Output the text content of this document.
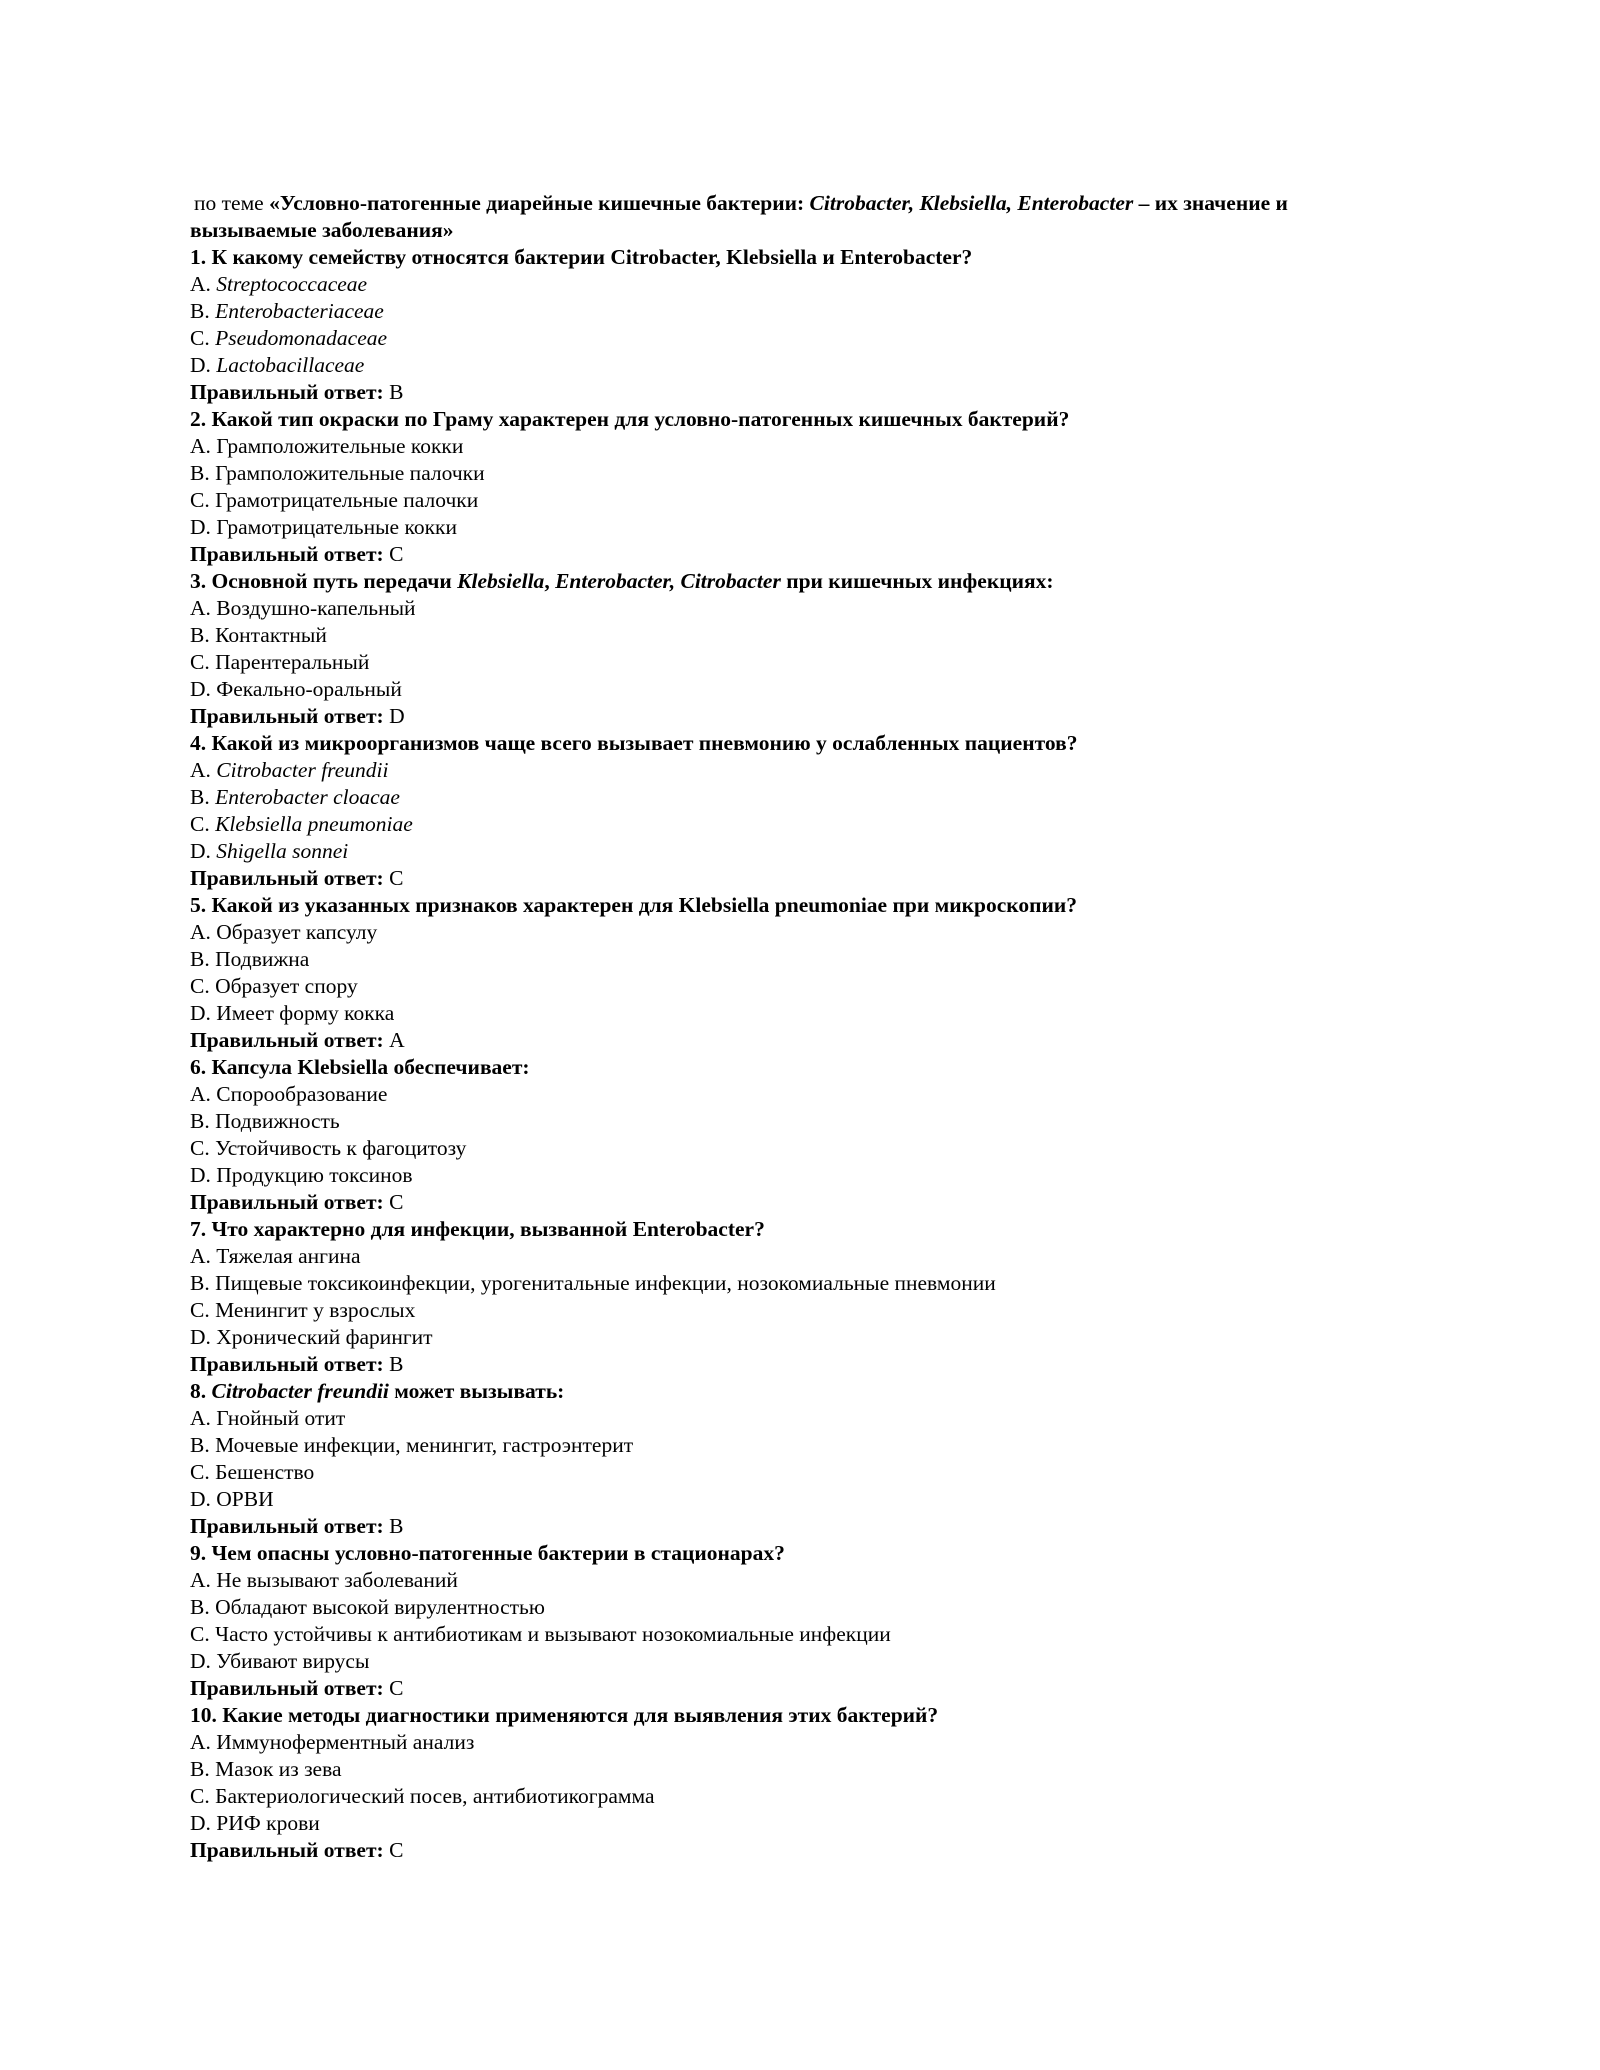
по теме «Условно-патогенные диарейные кишечные бактерии: Citrobacter, Klebsiella, Enterobacter – их значение и
вызываемые заболевания»
1. К какому семейству относятся бактерии Citrobacter, Klebsiella и Enterobacter?
A. Streptococcaceae
B. Enterobacteriaceae
C. Pseudomonadaceae
D. Lactobacillaceae
Правильный ответ: B
2. Какой тип окраски по Граму характерен для условно-патогенных кишечных бактерий?
A. Грамположительные кокки
B. Грамположительные палочки
C. Грамотрицательные палочки
D. Грамотрицательные кокки
Правильный ответ: C
3. Основной путь передачи Klebsiella, Enterobacter, Citrobacter при кишечных инфекциях:
A. Воздушно-капельный
B. Контактный
C. Парентеральный
D. Фекально-оральный
Правильный ответ: D
4. Какой из микроорганизмов чаще всего вызывает пневмонию у ослабленных пациентов?
A. Citrobacter freundii
B. Enterobacter cloacae
C. Klebsiella pneumoniae
D. Shigella sonnei
Правильный ответ: C
5. Какой из указанных признаков характерен для Klebsiella pneumoniae при микроскопии?
A. Образует капсулу
B. Подвижна
C. Образует спору
D. Имеет форму кокка
Правильный ответ: A
6. Капсула Klebsiella обеспечивает:
A. Спорообразование
B. Подвижность
C. Устойчивость к фагоцитозу
D. Продукцию токсинов
Правильный ответ: C
7. Что характерно для инфекции, вызванной Enterobacter?
A. Тяжелая ангина
B. Пищевые токсикоинфекции, урогенитальные инфекции, нозокомиальные пневмонии
C. Менингит у взрослых
D. Хронический фарингит
Правильный ответ: B
8. Citrobacter freundii может вызывать:
A. Гнойный отит
B. Мочевые инфекции, менингит, гастроэнтерит
C. Бешенство
D. ОРВИ
Правильный ответ: B
9. Чем опасны условно-патогенные бактерии в стационарах?
A. Не вызывают заболеваний
B. Обладают высокой вирулентностью
C. Часто устойчивы к антибиотикам и вызывают нозокомиальные инфекции
D. Убивают вирусы
Правильный ответ: C
10. Какие методы диагностики применяются для выявления этих бактерий?
A. Иммуноферментный анализ
B. Мазок из зева
C. Бактериологический посев, антибиотикограмма
D. РИФ крови
Правильный ответ: C
